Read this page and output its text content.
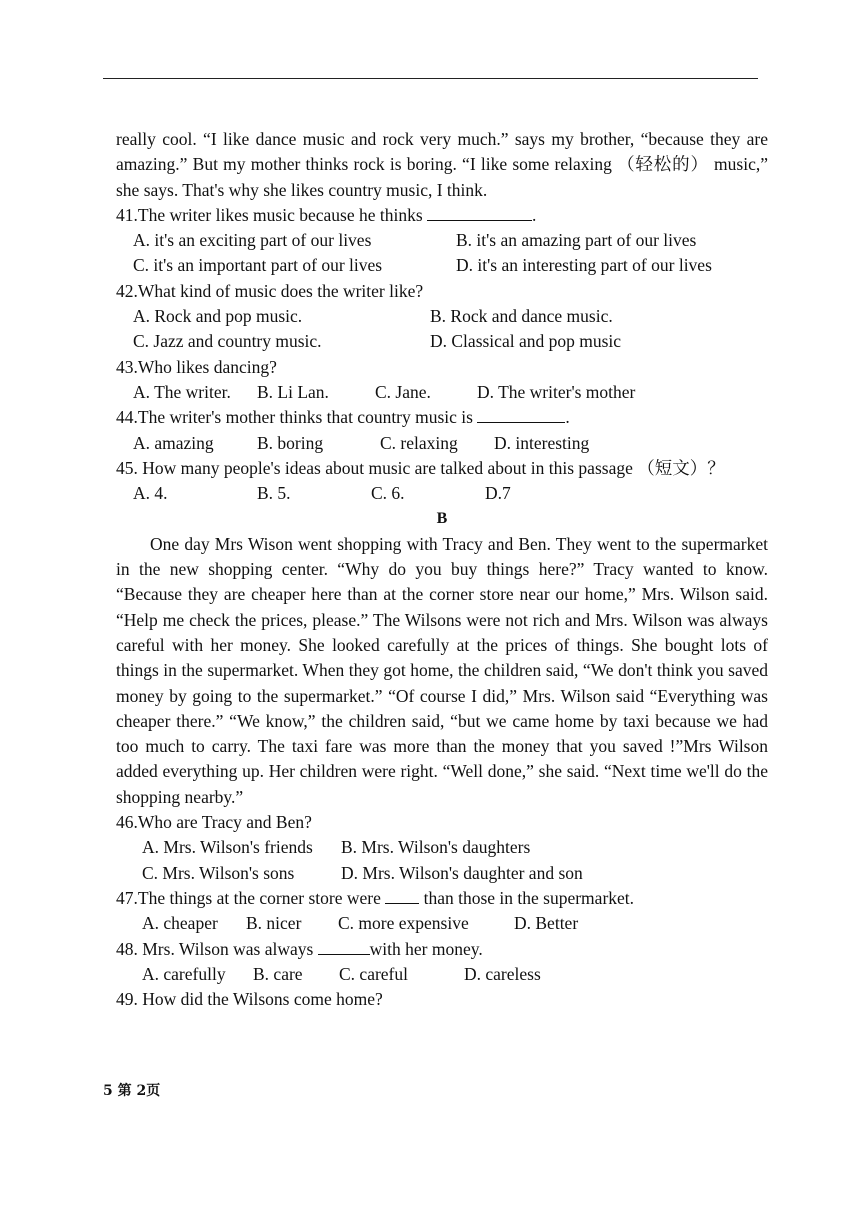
really cool. “I like dance music and rock very much.” says my brother, “because they are amazing.” But my mother thinks rock is boring. “I like some relaxing （轻松的） music,” she says. That's why she likes country music, I think.

41.The writer likes music because he thinks	.

A. it's an exciting part of our lives	B. it's an amazing part of our lives

C. it's an important part of our lives	D. it's an interesting part of our lives

42.What kind of music does the writer like?

A. Rock and pop music.	B. Rock and dance music.

C. Jazz and country music.	D. Classical and pop music

43.Who likes dancing?

A. The writer. B. Li Lan.	C. Jane.	D. The writer's mother

44.The writer's mother thinks that country music is	.

A. amazing B. boring	C. relaxing D. interesting

45. How many people's ideas about music are talked about in this passage （短文）？

A. 4.	B. 5.	C. 6.	D.7

B

One day Mrs Wison went shopping with Tracy and Ben. They went to the supermarket in the new shopping center. “Why do you buy things here?” Tracy wanted to know. “Because they are cheaper here than at the corner store near our home,” Mrs. Wilson said. “Help me check the prices, please.” The Wilsons were not rich and Mrs. Wilson was always careful with her money. She looked carefully at the prices of things. She bought lots of things in the supermarket. When they got home, the children said, “We don't think you saved money by going to the supermarket.” “Of course I did,” Mrs. Wilson said “Everything was cheaper there.” “We know,” the children said, “but we came home by taxi because we had too much to carry. The taxi fare was more than the money that you saved !”Mrs Wilson added everything up. Her children were right. “Well done,” she said. “Next time we'll do the shopping nearby.”

46.Who are Tracy and Ben?

A. Mrs. Wilson's friends B. Mrs. Wilson's daughters

C. Mrs. Wilson's sons	D. Mrs. Wilson's daughter and son

47.The things at the corner store were than those in the supermarket.

A. cheaper B. nicer C. more expensive	D. Better

48. Mrs. Wilson was always	with her money.

A. carefully B. care C. careful	D. careless

49. How did the Wilsons come home?

5 第 2页
